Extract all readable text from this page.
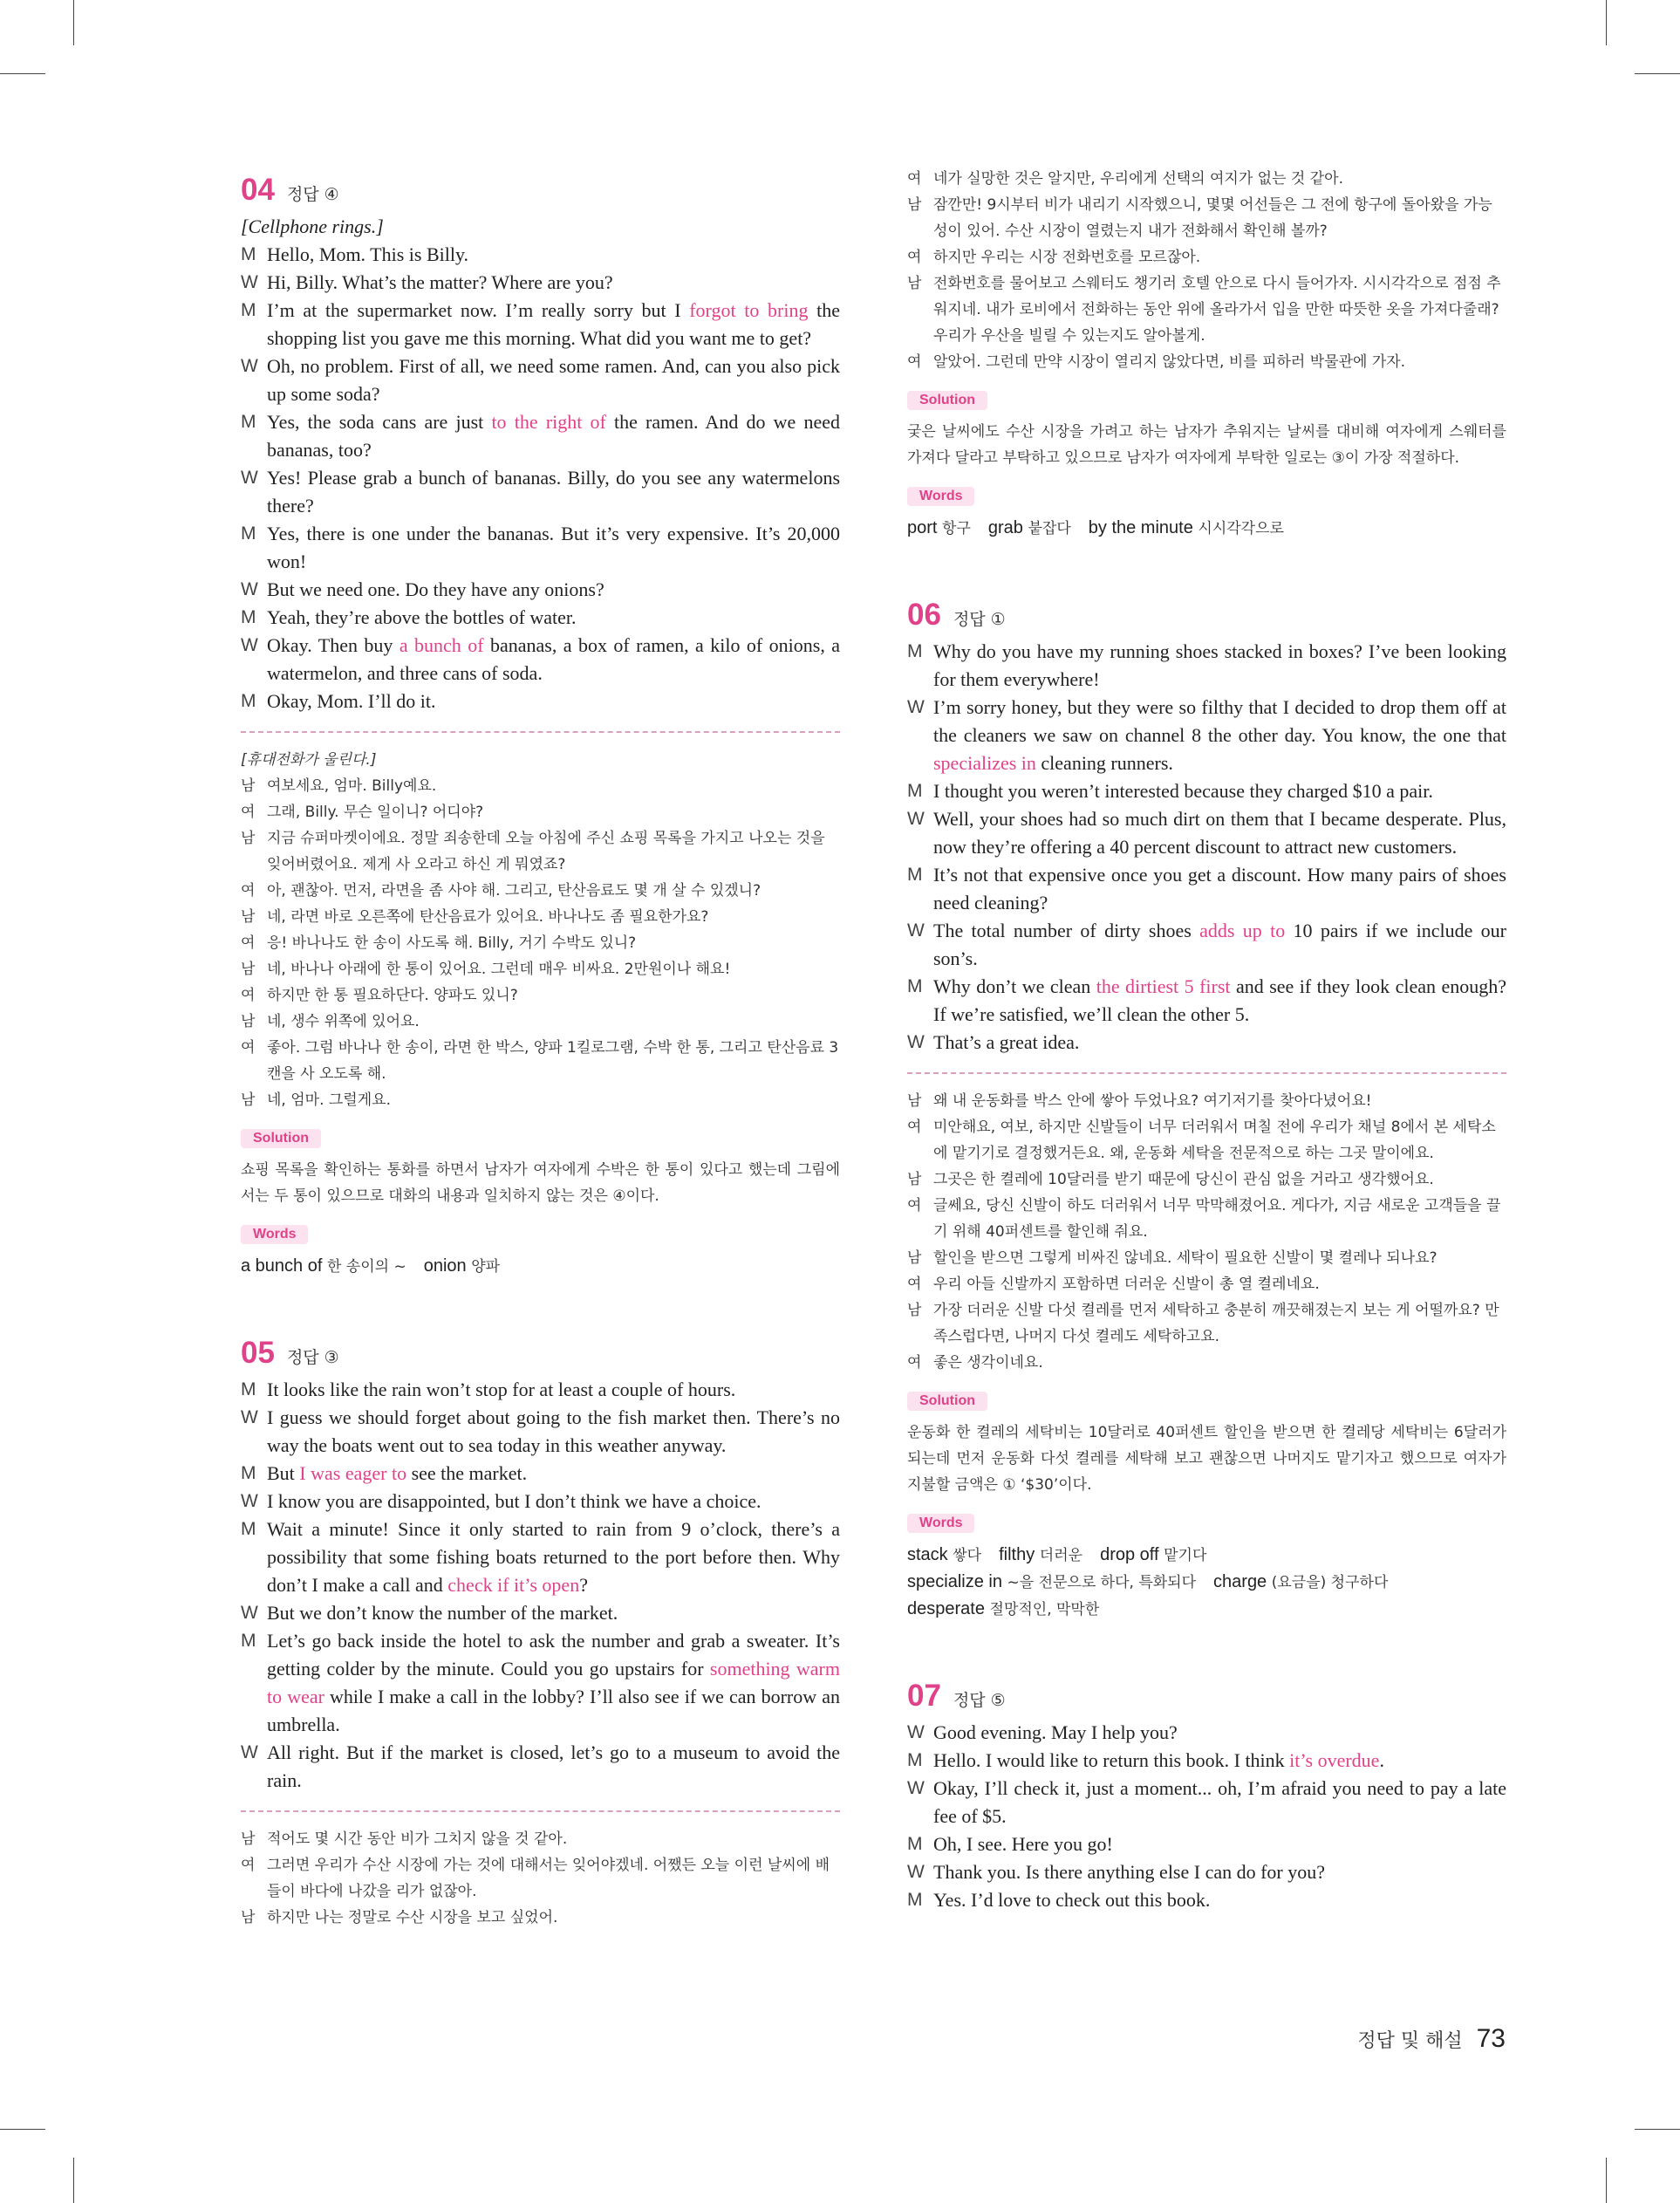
04 정답 ④
[Cellphone rings.]
M Hello, Mom. This is Billy.
W Hi, Billy. What’s the matter? Where are you?
M I’m at the supermarket now. I’m really sorry but I forgot to bring the shopping list you gave me this morning. What did you want me to get?
W Oh, no problem. First of all, we need some ramen. And, can you also pick up some soda?
M Yes, the soda cans are just to the right of the ramen. And do we need bananas, too?
W Yes! Please grab a bunch of bananas. Billy, do you see any watermelons there?
M Yes, there is one under the bananas. But it’s very expensive. It’s 20,000 won!
W But we need one. Do they have any onions?
M Yeah, they’re above the bottles of water.
W Okay. Then buy a bunch of bananas, a box of ramen, a kilo of onions, a watermelon, and three cans of soda.
M Okay, Mom. I’ll do it.
[휴대전화가 울린다.]
남 여보세요, 엄마. Billy예요.
여 그래, Billy. 무슨 일이니? 어디야?
남 지금 슈퍼마켓이에요. 정말 죄송한데 오늘 아침에 주신 쇼핑 목록을 가지고 나오는 것을 잊어버렸어요. 제게 사 오라고 하신 게 뭐였죠?
여 아, 괜찮아. 먼저, 라면을 좀 사야 해. 그리고, 탄산음료도 몇 개 살 수 있겠니?
남 네, 라면 바로 오른쪽에 탄산음료가 있어요. 바나나도 좀 필요한가요?
여 응! 바나나도 한 송이 사도록 해. Billy, 거기 수박도 있니?
남 네, 바나나 아래에 한 통이 있어요. 그런데 매우 비싸요. 2만원이나 해요!
여 하지만 한 통 필요하단다. 양파도 있니?
남 네, 생수 위쪽에 있어요.
여 좋아. 그럼 바나나 한 송이, 라면 한 박스, 양파 1킬로그램, 수박 한 통, 그리고 탄산음료 3캔을 사 오도록 해.
남 네, 엄마. 그럴게요.
Solution
쇼핑 목록을 확인하는 통화를 하면서 남자가 여자에게 수박은 한 통이 있다고 했는데 그림에서는 두 통이 있으므로 대화의 내용과 일치하지 않는 것은 ④이다.
Words
a bunch of 한 송이의 ~ onion 양파
05 정답 ③
M It looks like the rain won’t stop for at least a couple of hours.
W I guess we should forget about going to the fish market then. There’s no way the boats went out to sea today in this weather anyway.
M But I was eager to see the market.
W I know you are disappointed, but I don’t think we have a choice.
M Wait a minute! Since it only started to rain from 9 o’clock, there’s a possibility that some fishing boats returned to the port before then. Why don’t I make a call and check if it’s open?
W But we don’t know the number of the market.
M Let’s go back inside the hotel to ask the number and grab a sweater. It’s getting colder by the minute. Could you go upstairs for something warm to wear while I make a call in the lobby? I’ll also see if we can borrow an umbrella.
W All right. But if the market is closed, let’s go to a museum to avoid the rain.
남 적어도 몇 시간 동안 비가 그치지 않을 것 같아.
여 그러면 우리가 수산 시장에 가는 것에 대해서는 잊어야겠네. 어쨌든 오늘 이런 날씨에 배들이 바다에 나갔을 리가 없잖아.
남 하지만 나는 정말로 수산 시장을 보고 싶었어.
여 네가 실망한 것은 알지만, 우리에게 선택의 여지가 없는 것 같아.
남 잠깐만! 9시부터 비가 내리기 시작했으니, 몇몇 어선들은 그 전에 항구에 돌아왔을 가능성이 있어. 수산 시장이 열렸는지 내가 전화해서 확인해 볼까?
여 하지만 우리는 시장 전화번호를 모르잖아.
남 전화번호를 물어보고 스웨터도 챙기러 호텔 안으로 다시 들어가자. 시시각각으로 점점 추워지네. 내가 로비에서 전화하는 동안 위에 올라가서 입을 만한 따뜻한 옷을 가져다줄래? 우리가 우산을 빌릴 수 있는지도 알아볼게.
여 알았어. 그런데 만약 시장이 열리지 않았다면, 비를 피하러 박물관에 가자.
Solution
궂은 날씨에도 수산 시장을 가려고 하는 남자가 추워지는 날씨를 대비해 여자에게 스웨터를 가져다 달라고 부탁하고 있으므로 남자가 여자에게 부탁한 일로는 ③이 가장 적절하다.
Words
port 항구 grab 붙잡다 by the minute 시시각각으로
06 정답 ①
M Why do you have my running shoes stacked in boxes? I’ve been looking for them everywhere!
W I’m sorry honey, but they were so filthy that I decided to drop them off at the cleaners we saw on channel 8 the other day. You know, the one that specializes in cleaning runners.
M I thought you weren’t interested because they charged $10 a pair.
W Well, your shoes had so much dirt on them that I became desperate. Plus, now they’re offering a 40 percent discount to attract new customers.
M It’s not that expensive once you get a discount. How many pairs of shoes need cleaning?
W The total number of dirty shoes adds up to 10 pairs if we include our son’s.
M Why don’t we clean the dirtiest 5 first and see if they look clean enough? If we’re satisfied, we’ll clean the other 5.
W That’s a great idea.
남 왜 내 운동화를 박스 안에 쌓아 두었나요? 여기저기를 찾아다녔어요!
여 미안해요, 여보, 하지만 신발들이 너무 더러워서 며칠 전에 우리가 채널 8에서 본 세탁소에 맡기기로 결정했거든요. 왜, 운동화 세탁을 전문적으로 하는 그곳 말이에요.
남 그곳은 한 켤레에 10달러를 받기 때문에 당신이 관심 없을 거라고 생각했어요.
여 글쎄요, 당신 신발이 하도 더러워서 너무 막막해졌어요. 게다가, 지금 새로운 고객들을 끌기 위해 40퍼센트를 할인해 줘요.
남 할인을 받으면 그렇게 비싸진 않네요. 세탁이 필요한 신발이 몇 켤레나 되나요?
여 우리 아들 신발까지 포함하면 더러운 신발이 총 열 켤레네요.
남 가장 더러운 신발 다섯 켤레를 먼저 세탁하고 충분히 깨끗해졌는지 보는 게 어떨까요? 만족스럽다면, 나머지 다섯 켤레도 세탁하고요.
여 좋은 생각이네요.
Solution
운동화 한 켤레의 세탁비는 10달러로 40퍼센트 할인을 받으면 한 켤레당 세탁비는 6달러가 되는데 먼저 운동화 다섯 켤레를 세탁해 보고 괜찮으면 나머지도 맡기자고 했으므로 여자가 지불할 금액은 ① ‘$30’이다.
Words
stack 쌓다 filthy 더러운 drop off 맡기다
specialize in ~을 전문으로 하다, 특화되다 charge (요금을) 청구하다
desperate 절망적인, 막막한
07 정답 ⑤
W Good evening. May I help you?
M Hello. I would like to return this book. I think it’s overdue.
W Okay, I’ll check it, just a moment... oh, I’m afraid you need to pay a late fee of $5.
M Oh, I see. Here you go!
W Thank you. Is there anything else I can do for you?
M Yes. I’d love to check out this book.
정답 및 해설 73
